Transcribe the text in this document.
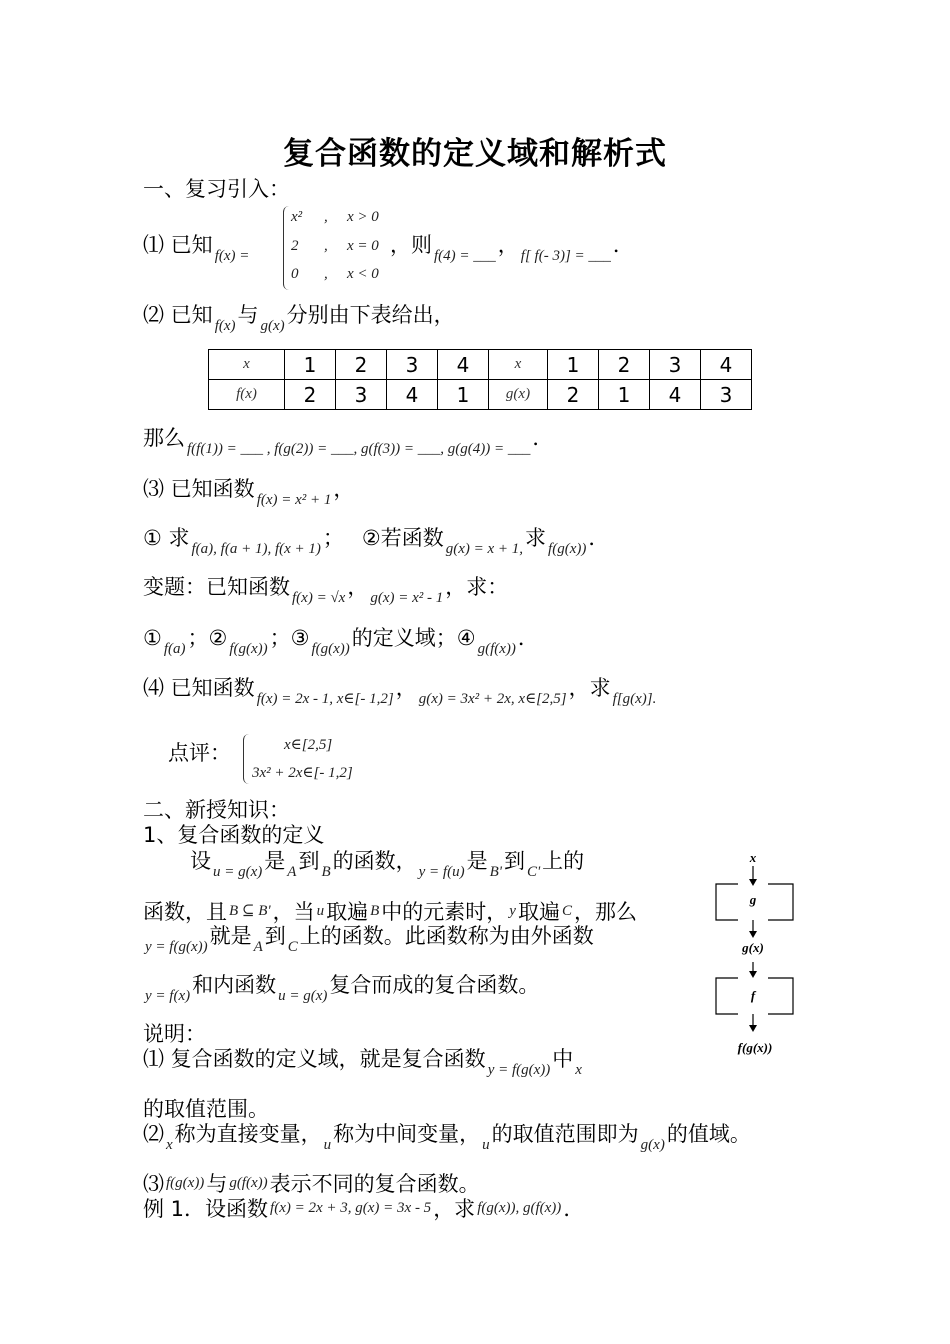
复合函数的定义域和解析式
一、复习引入：
⑴ 已知 f(x) =
x² , x > 0
2 , x = 0
0 , x < 0
，则 f(4) = ___， f[ f(- 3)] = ___．
⑵ 已知 f(x)与 g(x)分别由下表给出，
x	1	2	3	4	x	1	2	3	4
f(x)	2	3	4	1	g(x)	2	1	4	3
那么 f(f(1)) = ___ , f(g(2)) = ___, g(f(3)) = ___, g(g(4)) = ___．
⑶ 已知函数 f(x) = x² + 1，
① 求 f(a), f(a + 1), f(x + 1)； ②若函数 g(x) = x + 1,求 f(g(x))．
变题：已知函数 f(x) = √x， g(x) = x² - 1，求：
① f(a)；② f(g(x))；③ f(g(x))的定义域；④ g(f(x))．
⑷ 已知函数 f(x) = 2x - 1, x∈[- 1,2]， g(x) = 3x² + 2x, x∈[2,5]，求 f[g(x)].
点评：	x∈[2,5]
3x² + 2x∈[- 1,2]
二、新授知识：
1、复合函数的定义
设 u = g(x)是 A到 B的函数， y = f(u)是 B'到 C'上的
函数，且 B ⊆ B'，当 u取遍 B中的元素时， y取遍 C，那么
y = f(g(x))就是 A到 C上的函数。此函数称为由外函数
y = f(x)和内函数 u = g(x)复合而成的复合函数。
x
g
g(x)
f
f(g(x))
说明：
⑴ 复合函数的定义域，就是复合函数 y = f(g(x))中 x
的取值范围。
⑵ x称为直接变量， u称为中间变量， u的取值范围即为 g(x)的值域。
⑶ f(g(x))与 g(f(x))表示不同的复合函数。
例 1．设函数 f(x) = 2x + 3, g(x) = 3x - 5，求 f(g(x)), g(f(x))．
